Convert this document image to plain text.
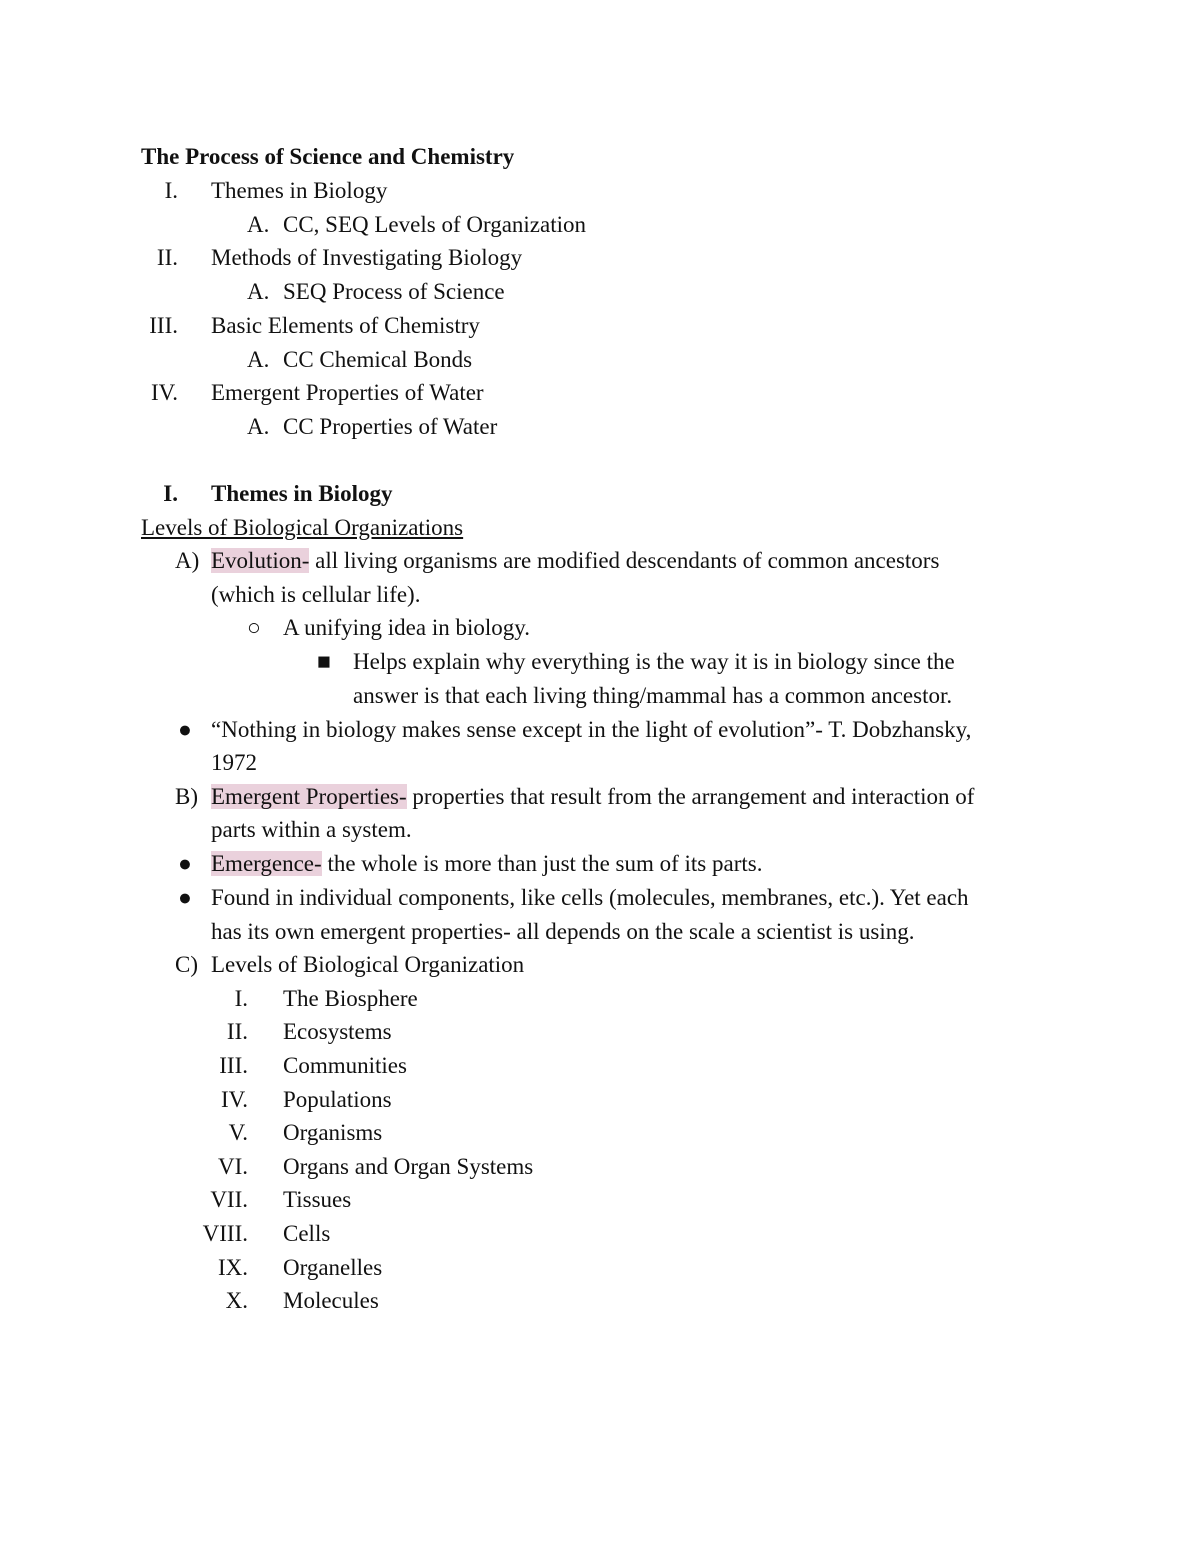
The Process of Science and Chemistry
I. Themes in Biology
A. CC, SEQ Levels of Organization
II. Methods of Investigating Biology
A. SEQ Process of Science
III. Basic Elements of Chemistry
A. CC Chemical Bonds
IV. Emergent Properties of Water
A. CC Properties of Water
I. Themes in Biology
Levels of Biological Organizations
A) Evolution- all living organisms are modified descendants of common ancestors
(which is cellular life).
○ A unifying idea in biology.
■ Helps explain why everything is the way it is in biology since the
answer is that each living thing/mammal has a common ancestor.
● “Nothing in biology makes sense except in the light of evolution”- T. Dobzhansky,
1972
B) Emergent Properties- properties that result from the arrangement and interaction of
parts within a system.
● Emergence- the whole is more than just the sum of its parts.
● Found in individual components, like cells (molecules, membranes, etc.). Yet each
has its own emergent properties- all depends on the scale a scientist is using.
C) Levels of Biological Organization
I. The Biosphere
II. Ecosystems
III. Communities
IV. Populations
V. Organisms
VI. Organs and Organ Systems
VII. Tissues
VIII. Cells
IX. Organelles
X. Molecules
